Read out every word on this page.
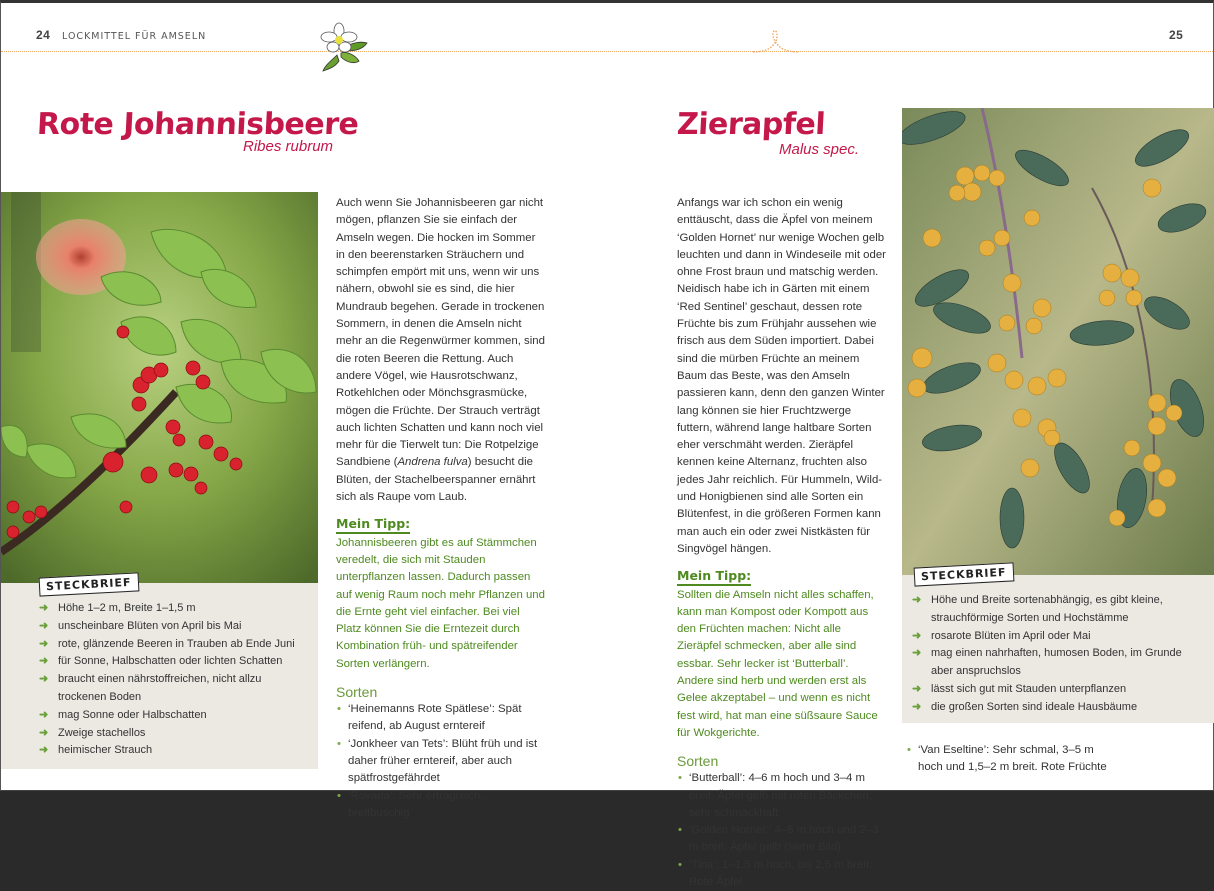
24 LOCKMITTEL FÜR AMSELN	25
Rote Johannisbeere
Ribes rubrum
STECKBRIEF
➜ Höhe 1–2 m, Breite 1–1,5 m
➜ unscheinbare Blüten von April bis Mai
➜ rote, glänzende Beeren in Trauben ab Ende Juni
➜ für Sonne, Halbschatten oder lichten Schatten
➜ braucht einen nährstoffreichen, nicht allzu trockenen Boden
➜ mag Sonne oder Halbschatten
➜ Zweige stachellos
➜ heimischer Strauch

Auch wenn Sie Johannisbeeren gar nicht mögen, pflanzen Sie sie einfach der Amseln wegen. Die hocken im Sommer in den beerenstarken Sträuchern und schimpfen empört mit uns, wenn wir uns nähern, obwohl sie es sind, die hier Mundraub begehen. Gerade in trockenen Sommern, in denen die Amseln nicht mehr an die Regenwürmer kommen, sind die roten Beeren die Rettung. Auch andere Vögel, wie Hausrotschwanz, Rotkehlchen oder Mönchsgrasmücke, mögen die Früchte. Der Strauch verträgt auch lichten Schatten und kann noch viel mehr für die Tierwelt tun: Die Rotpelzige Sandbiene (Andrena fulva) besucht die Blüten, der Stachelbeerspanner ernährt sich als Raupe vom Laub.

Mein Tipp:

Johannisbeeren gibt es auf Stämmchen veredelt, die sich mit Stauden unterpflanzen lassen. Dadurch passen auf wenig Raum noch mehr Pflanzen und die Ernte geht viel einfacher. Bei viel Platz können Sie die Erntezeit durch Kombination früh- und spätreifender Sorten verlängern.

Sorten
• ‘Heinemanns Rote Spätlese’: Spät reifend, ab August erntereif
• ‘Jonkheer van Tets’: Blüht früh und ist daher früher erntereif, aber auch spätfrostgefährdet
• ‘Rovada’: Sehr ertragreich, breitbuschig
Zierapfel
Malus spec.

Anfangs war ich schon ein wenig enttäuscht, dass die Äpfel von meinem ‘Golden Hornet’ nur wenige Wochen gelb leuchten und dann in Windeseile mit oder ohne Frost braun und matschig werden. Neidisch habe ich in Gärten mit einem ‘Red Sentinel’ geschaut, dessen rote Früchte bis zum Frühjahr aussehen wie frisch aus dem Süden importiert. Dabei sind die mürben Früchte an meinem Baum das Beste, was den Amseln passieren kann, denn den ganzen Winter lang können sie hier Fruchtzwerge futtern, während lange haltbare Sorten eher verschmäht werden. Zieräpfel kennen keine Alternanz, fruchten also jedes Jahr reichlich. Für Hummeln, Wild- und Honigbienen sind alle Sorten ein Blütenfest, in die größeren Formen kann man auch ein oder zwei Nistkästen für Singvögel hängen.

Mein Tipp:

Sollten die Amseln nicht alles schaffen, kann man Kompost oder Kompott aus den Früchten machen: Nicht alle Zieräpfel schmecken, aber alle sind essbar. Sehr lecker ist ‘Butterball’. Andere sind herb und werden erst als Gelee akzeptabel – und wenn es nicht fest wird, hat man eine süßsaure Sauce für Wokgerichte.

Sorten
• ‘Butterball’: 4–6 m hoch und 3–4 m breit. Äpfel gelb mit roten Bäckchen, sehr schmackhaft
• ‘Golden Hornet’: 4–8 m hoch und 2–3 m breit. Äpfel gelb (siehe Bild)
• ‘Tina’: 1–1,5 m hoch, bis 2,5 m breit. Rote Äpfel
STECKBRIEF
➜ Höhe und Breite sortenabhängig, es gibt kleine, strauchförmige Sorten und Hochstämme
➜ rosarote Blüten im April oder Mai
➜ mag einen nahrhaften, humosen Boden, im Grunde aber anspruchslos
➜ lässt sich gut mit Stauden unterpflanzen
➜ die großen Sorten sind ideale Hausbäume
• ‘Van Eseltine’: Sehr schmal, 3–5 m hoch und 1,5–2 m breit. Rote Früchte
